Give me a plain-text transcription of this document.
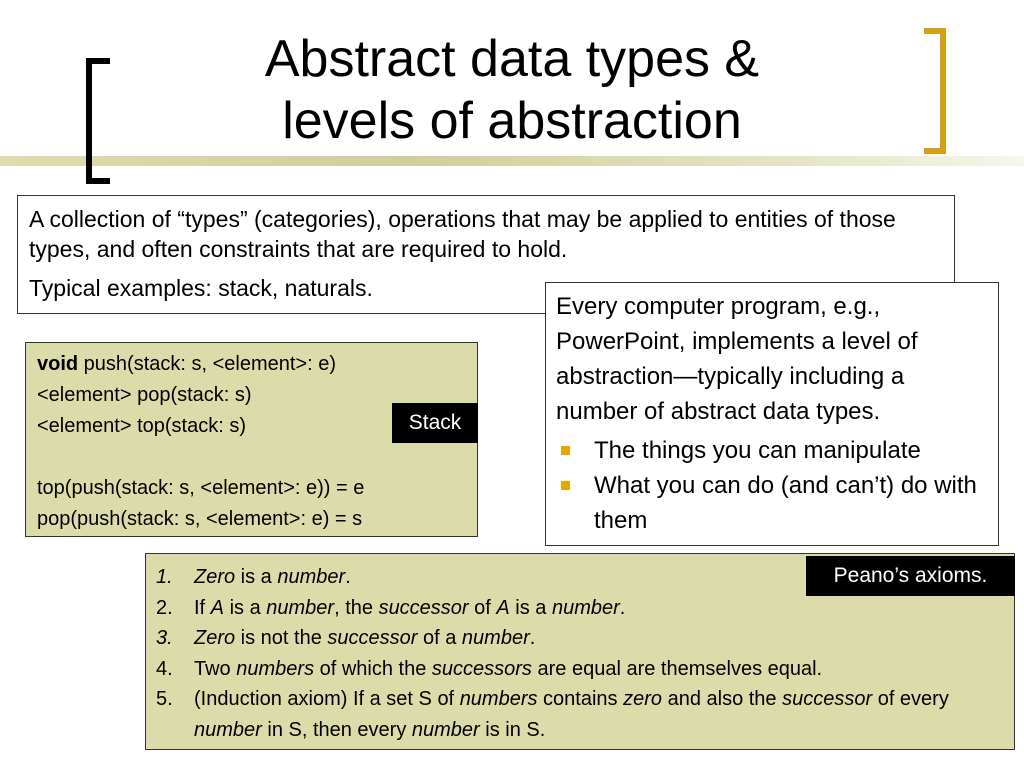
Abstract data types &
levels of abstraction

A collection of “types” (categories), operations that may be applied to entities of those types, and often constraints that are required to hold.

Typical examples: stack, naturals.

void push(stack: s, <element>: e)

<element> pop(stack: s)

<element> top(stack: s)

top(push(stack: s, <element>: e)) = e

pop(push(stack: s, <element>: e) = s

Stack

Every computer program, e.g., PowerPoint, implements a level of abstraction—typically including a number of abstract data types.

The things you can manipulate
What you can do (and can’t) do with them
1. Zero is a number.
2. If A is a number, the successor of A is a number.
3. Zero is not the successor of a number.
4. Two numbers of which the successors are equal are themselves equal.
5. (Induction axiom) If a set S of numbers contains zero and also the successor of every number in S, then every number is in S.
Peano’s axioms.
